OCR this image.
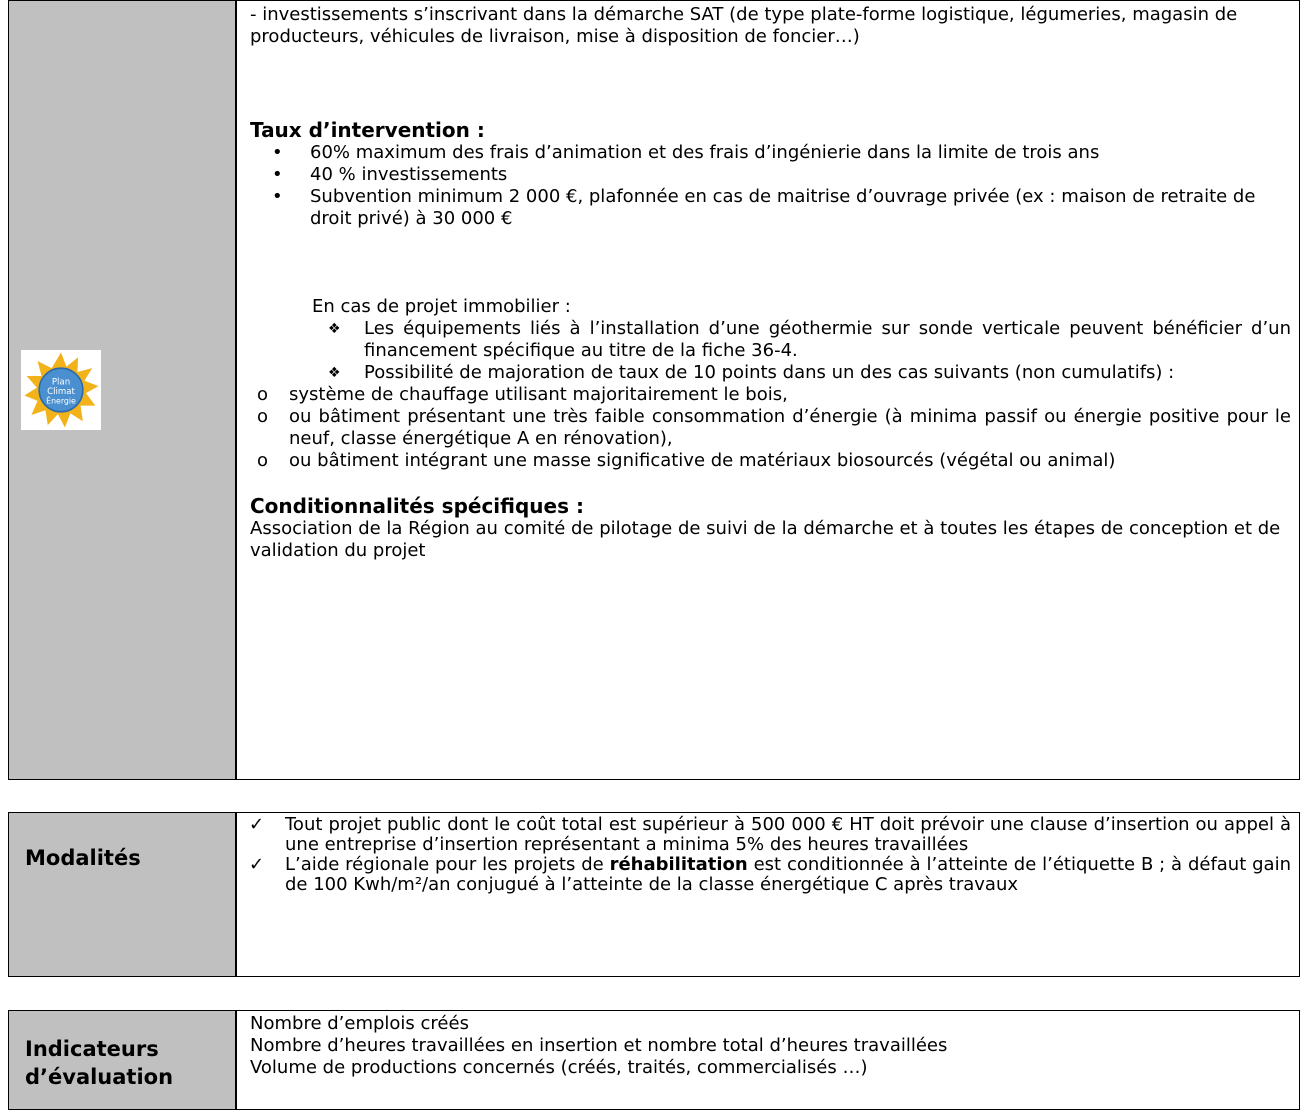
Plan
Climat
Énergie

- investissements s’inscrivant dans la démarche SAT (de type plate-forme logistique, légumeries, magasin de producteurs, véhicules de livraison, mise à disposition de foncier…)

Taux d’intervention :

• 60% maximum des frais d’animation et des frais d’ingénierie dans la limite de trois ans
• 40 % investissements
• Subvention minimum 2 000 €, plafonnée en cas de maitrise d’ouvrage privée (ex : maison de retraite de droit privé) à 30 000 €

En cas de projet immobilier :

❖ Les équipements liés à l’installation d’une géothermie sur sonde verticale peuvent bénéficier d’un financement spécifique au titre de la fiche 36-4.
❖ Possibilité de majoration de taux de 10 points dans un des cas suivants (non cumulatifs) :
o système de chauffage utilisant majoritairement le bois,
o ou bâtiment présentant une très faible consommation d’énergie (à minima passif ou énergie positive pour le neuf, classe énergétique A en rénovation),
o ou bâtiment intégrant une masse significative de matériaux biosourcés (végétal ou animal)

Conditionnalités spécifiques :

Association de la Région au comité de pilotage de suivi de la démarche et à toutes les étapes de conception et de validation du projet

Modalités

✓ Tout projet public dont le coût total est supérieur à 500 000 € HT doit prévoir une clause d’insertion ou appel à une entreprise d’insertion représentant a minima 5% des heures travaillées
✓ L’aide régionale pour les projets de réhabilitation est conditionnée à l’atteinte de l’étiquette B ; à défaut gain de 100 Kwh/m²/an conjugué à l’atteinte de la classe énergétique C après travaux
Indicateurs
d’évaluation

Nombre d’emplois créés
Nombre d’heures travaillées en insertion et nombre total d’heures travaillées
Volume de productions concernés (créés, traités, commercialisés …)
